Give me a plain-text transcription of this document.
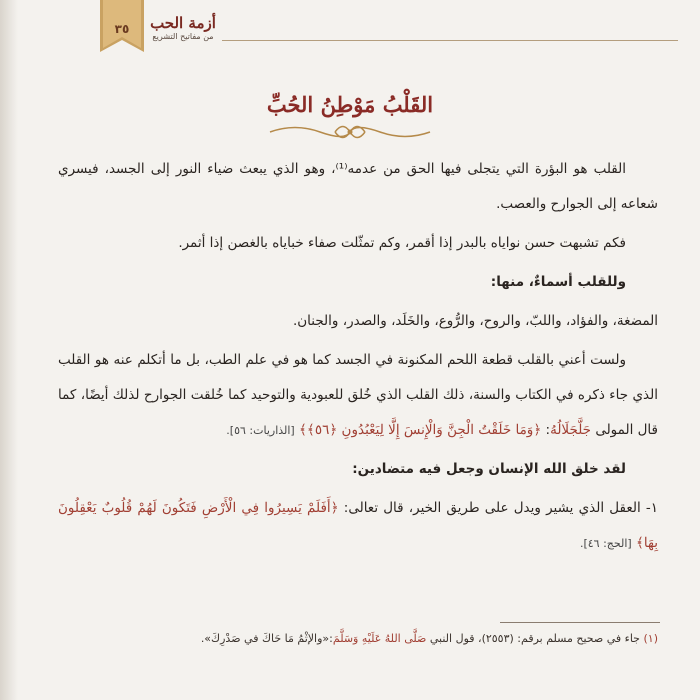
٣٥	أزمة الحب
من مفاتيح التشريع
القَلْبُ مَوْطِنُ الحُبِّ

القلب هو البؤرة التي يتجلى فيها الحق من عدمه⁽¹⁾، وهو الذي يبعث ضياء النور إلى الجسد، فيسري شعاعه إلى الجوارح والعصب.

فكم تشبهت حسن نواياه بالبدر إذا أقمر، وكم تمثّلت صفاء خباياه بالغصن إذا أثمر.

وللقلب أسماءٌ، منها:

المضغة، والفؤاد، واللبّ، والروح، والرُّوع، والخَلَد، والصدر، والجنان.

ولست أعني بالقلب قطعة اللحم المكنونة في الجسد كما هو في علم الطب، بل ما أتكلم عنه هو القلب الذي جاء ذكره في الكتاب والسنة، ذلك القلب الذي خُلق للعبودية والتوحيد كما خُلقت الجوارح لذلك أيضًا، كما قال المولى جَلَّجَلَالُهُ: ﴿وَمَا خَلَقْتُ الْجِنَّ وَالْإِنسَ إِلَّا لِيَعْبُدُونِ ﴿٥٦﴾﴾ [الذاريات: ٥٦].

لقد خلق الله الإنسان وجعل فيه متضادين:

١- العقل الذي يشير ويدل على طريق الخير، قال تعالى: ﴿أَفَلَمْ يَسِيرُوا فِي الْأَرْضِ فَتَكُونَ لَهُمْ قُلُوبٌ يَعْقِلُونَ بِهَا﴾ [الحج: ٤٦].

(١) جاء في صحيح مسلم برقم: (٢٥٥٣)، قول النبي صَلَّى اللهُ عَلَيْهِ وَسَلَّمَ:«والإثْمُ مَا حَاكَ في صَدْرِكَ».
